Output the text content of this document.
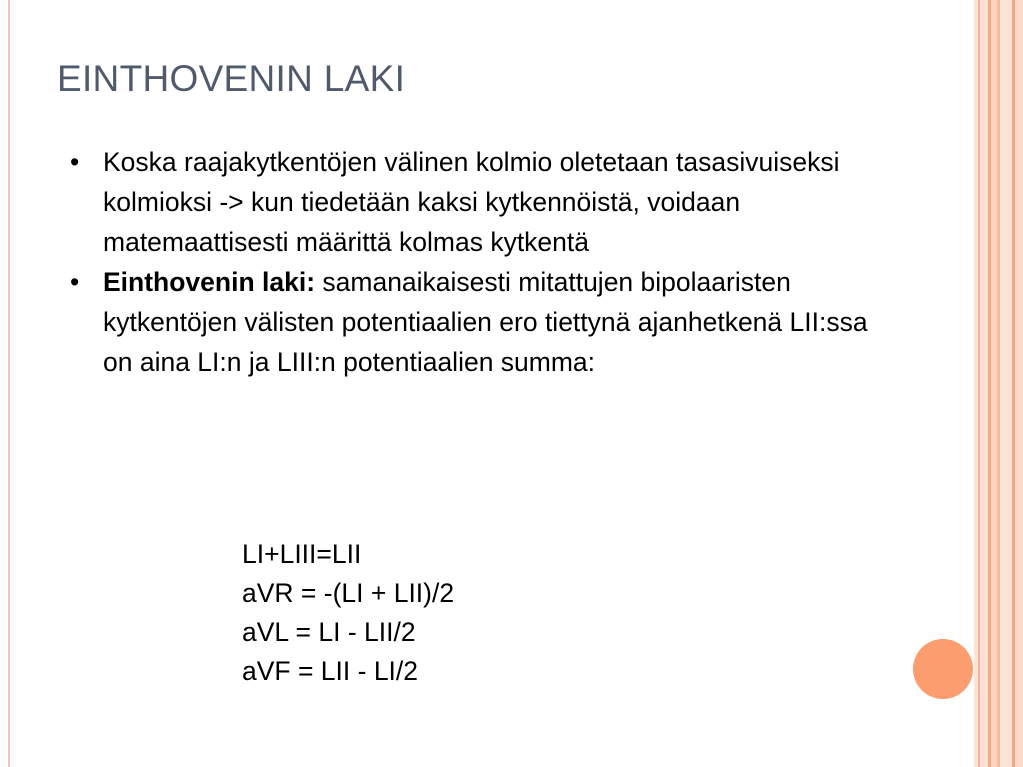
EINTHOVENIN LAKI
• Koska raajakytkentöjen välinen kolmio oletetaan tasasivuiseksi kolmioksi -> kun tiedetään kaksi kytkennöistä, voidaan matemaattisesti määrittä kolmas kytkentä
• Einthovenin laki: samanaikaisesti mitattujen bipolaaristen kytkentöjen välisten potentiaalien ero tiettynä ajanhetkenä LII:ssa on aina LI:n ja LIII:n potentiaalien summa:
LI+LIII=LII
aVR = -(LI + LII)/2
aVL = LI - LII/2
aVF = LII - LI/2
